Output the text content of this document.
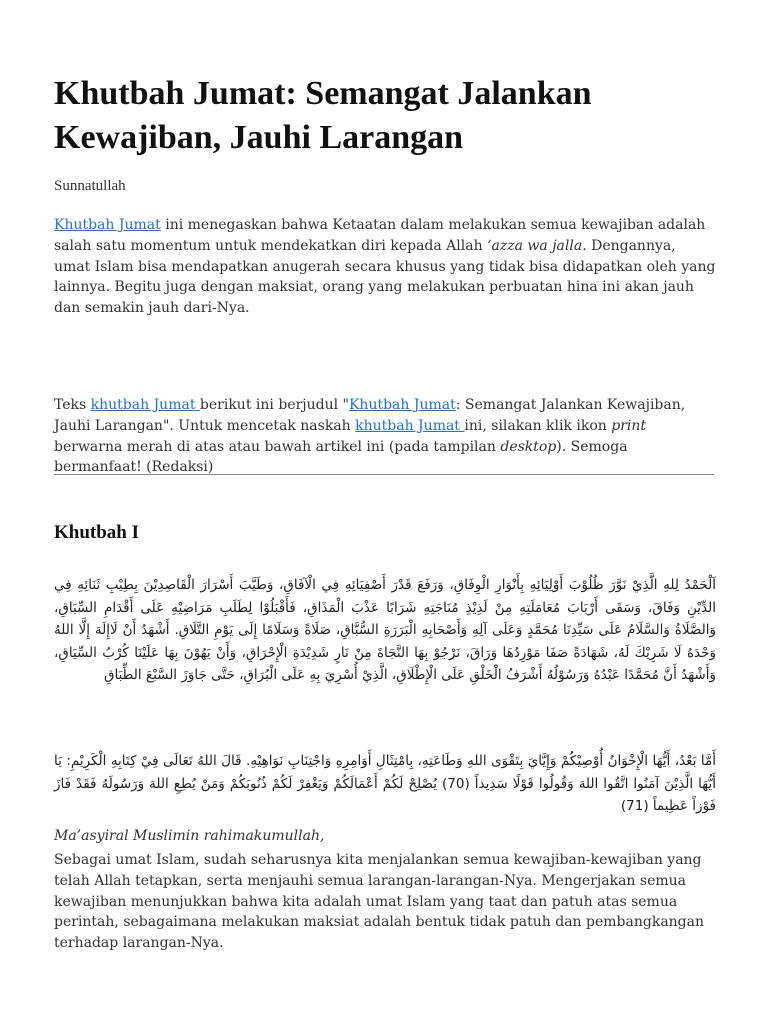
Khutbah Jumat: Semangat Jalankan Kewajiban, Jauhi Larangan
Sunnatullah

Khutbah Jumat ini menegaskan bahwa Ketaatan dalam melakukan semua kewajiban adalah salah satu momentum untuk mendekatkan diri kepada Allah ‘azza wa jalla. Dengannya, umat Islam bisa mendapatkan anugerah secara khusus yang tidak bisa didapatkan oleh yang lainnya. Begitu juga dengan maksiat, orang yang melakukan perbuatan hina ini akan jauh dan semakin jauh dari-Nya.

Teks khutbah Jumat berikut ini berjudul "Khutbah Jumat: Semangat Jalankan Kewajiban, Jauhi Larangan". Untuk mencetak naskah khutbah Jumat ini, silakan klik ikon print berwarna merah di atas atau bawah artikel ini (pada tampilan desktop). Semoga bermanfaat! (Redaksi)

Khutbah I

اَلْحَمْدُ لِلهِ الَّذِيْ نَوَّرَ ظُلُوْبَ أَوْلِيَائِهِ بِأَنْوَارِ الْوِفَاقِ، وَرَفَعَ قَدْرَ أَصْفِيَائِهِ فِي الْآفَاقِ، وَطَيَّبَ أَسْرَارَ الْقَاصِدِيْنَ بِطِيْبِ ثَنَائِهِ فِي الدِّيْنِ وَفَاقَ، وَسَقَى أَرْبَابَ مُعَامَلَتِهِ مِنْ لَذِيْذِ مُنَاجَتِهِ شَرَابًا عَذْبَ الْمَذَاقِ، فَأَقْبَلُوْا لِطَلَبِ مَرَاضِيْهِ عَلَى أَقْدَامِ السِّبَاقِ، وَالصَّلَاةُ وَالسَّلَامُ عَلَى سَيِّدِنَا مُحَمَّدٍ وَعَلَى آلِهِ وَأَصْحَابِهِ الْبَرَرَةِ السُّبَّاقِ، صَلَاةً وَسَلَامًا إِلَى يَوْمِ التَّلَاقِ. أَشْهَدُ أَنْ لَاإِلَهَ إِلَّا اللهُ وَحْدَهُ لَا شَرِيْكَ لَهُ، شَهَادَةً صَفَا مَوْرِدُهَا وَرَاقَ، نَرْجُوْ بِهَا النَّجَاةَ مِنْ نَارٍ شَدِيْدَةِ الْإِحْرَاقِ، وَأَنْ يَهُوْنَ بِهَا عَلَيْنَا كُرْبُ السِّيَاقِ، وَأَشْهَدُ أَنَّ مُحَمَّدًا عَبْدُهُ وَرَسُوْلُهُ أَشْرَفُ الْخَلْقِ عَلَى الْإِطْلَاقِ، الَّذِيْ أُسْرِيَ بِهِ عَلَى الْبُرَاقِ، حَتَّى جَاوَزَ السَّبْعَ الطِّبَاقِ

أَمَّا بَعْدُ، أَيُّهَا الْإِخْوَانُ أُوْصِيْكُمْ وَإِيَّايَ بِتَقْوَى اللهِ وَطَاعَتِهِ، بِامْتِثَالِ أَوَامِرِهِ وَاجْتِنَابِ نَوَاهِيْهِ. قَالَ اللهُ تَعَالَى فِيْ كِتَابِهِ الْكَرِيْمِ: يَا أَيُّهَا الَّذِيْنَ آمَنُوا اتَّقُوا اللهَ وَقُولُوا قَوْلًا سَدِيداً (70) يُصْلِحْ لَكُمْ أَعْمَالَكُمْ وَيَغْفِرْ لَكُمْ ذُنُوبَكُمْ وَمَنْ يُطِعِ اللهَ وَرَسُولَهُ فَقَدْ فَازَ فَوْزاً عَظِيماً (71)

Ma’asyiral Muslimin rahimakumullah,

Sebagai umat Islam, sudah seharusnya kita menjalankan semua kewajiban-kewajiban yang telah Allah tetapkan, serta menjauhi semua larangan-larangan-Nya. Mengerjakan semua kewajiban menunjukkan bahwa kita adalah umat Islam yang taat dan patuh atas semua perintah, sebagaimana melakukan maksiat adalah bentuk tidak patuh dan pembangkangan terhadap larangan-Nya.
